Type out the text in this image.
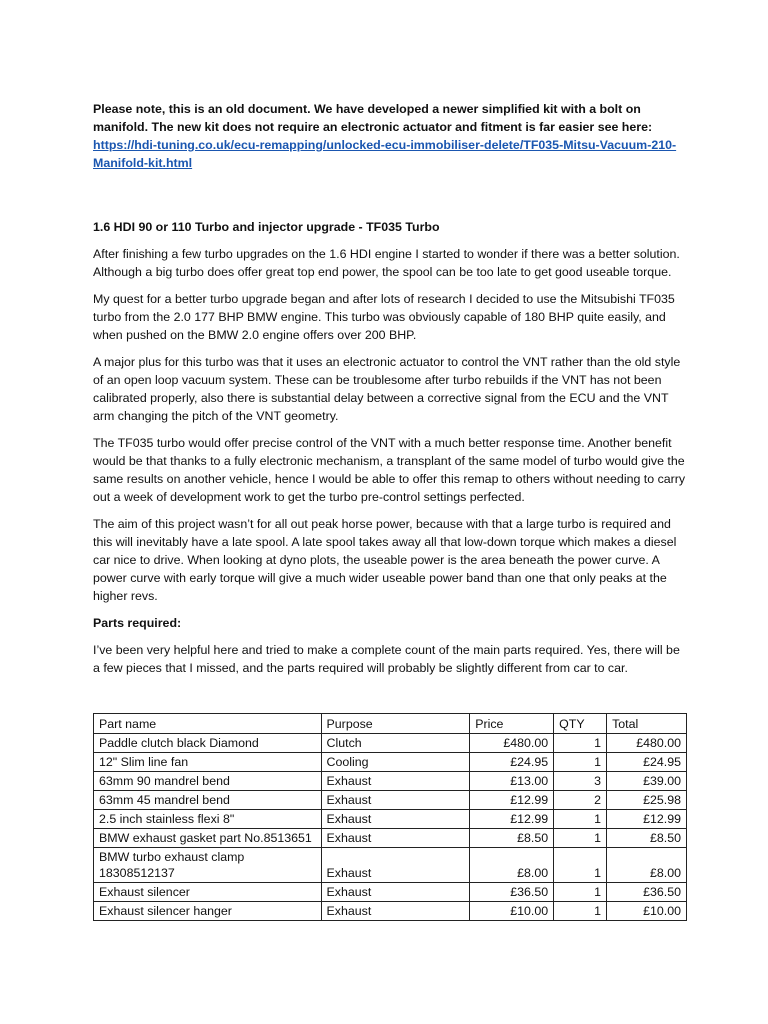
Please note, this is an old document. We have developed a newer simplified kit with a bolt on manifold. The new kit does not require an electronic actuator and fitment is far easier see here:
https://hdi-tuning.co.uk/ecu-remapping/unlocked-ecu-immobiliser-delete/TF035-Mitsu-Vacuum-210-Manifold-kit.html

1.6 HDI 90 or 110 Turbo and injector upgrade - TF035 Turbo

After finishing a few turbo upgrades on the 1.6 HDI engine I started to wonder if there was a better solution. Although a big turbo does offer great top end power, the spool can be too late to get good useable torque.

My quest for a better turbo upgrade began and after lots of research I decided to use the Mitsubishi TF035 turbo from the 2.0 177 BHP BMW engine. This turbo was obviously capable of 180 BHP quite easily, and when pushed on the BMW 2.0 engine offers over 200 BHP.

A major plus for this turbo was that it uses an electronic actuator to control the VNT rather than the old style of an open loop vacuum system. These can be troublesome after turbo rebuilds if the VNT has not been calibrated properly, also there is substantial delay between a corrective signal from the ECU and the VNT arm changing the pitch of the VNT geometry.

The TF035 turbo would offer precise control of the VNT with a much better response time. Another benefit would be that thanks to a fully electronic mechanism, a transplant of the same model of turbo would give the same results on another vehicle, hence I would be able to offer this remap to others without needing to carry out a week of development work to get the turbo pre-control settings perfected.

The aim of this project wasn’t for all out peak horse power, because with that a large turbo is required and this will inevitably have a late spool. A late spool takes away all that low-down torque which makes a diesel car nice to drive. When looking at dyno plots, the useable power is the area beneath the power curve. A power curve with early torque will give a much wider useable power band than one that only peaks at the higher revs.

Parts required:

I’ve been very helpful here and tried to make a complete count of the main parts required. Yes, there will be a few pieces that I missed, and the parts required will probably be slightly different from car to car.

Part name	Purpose	Price	QTY	Total
Paddle clutch black Diamond	Clutch	£480.00	1	£480.00
12" Slim line fan	Cooling	£24.95	1	£24.95
63mm 90 mandrel bend	Exhaust	£13.00	3	£39.00
63mm 45 mandrel bend	Exhaust	£12.99	2	£25.98
2.5 inch stainless flexi 8"	Exhaust	£12.99	1	£12.99
BMW exhaust gasket part No.8513651	Exhaust	£8.50	1	£8.50
BMW turbo exhaust clamp 18308512137	Exhaust	£8.00	1	£8.00
Exhaust silencer	Exhaust	£36.50	1	£36.50
Exhaust silencer hanger	Exhaust	£10.00	1	£10.00
